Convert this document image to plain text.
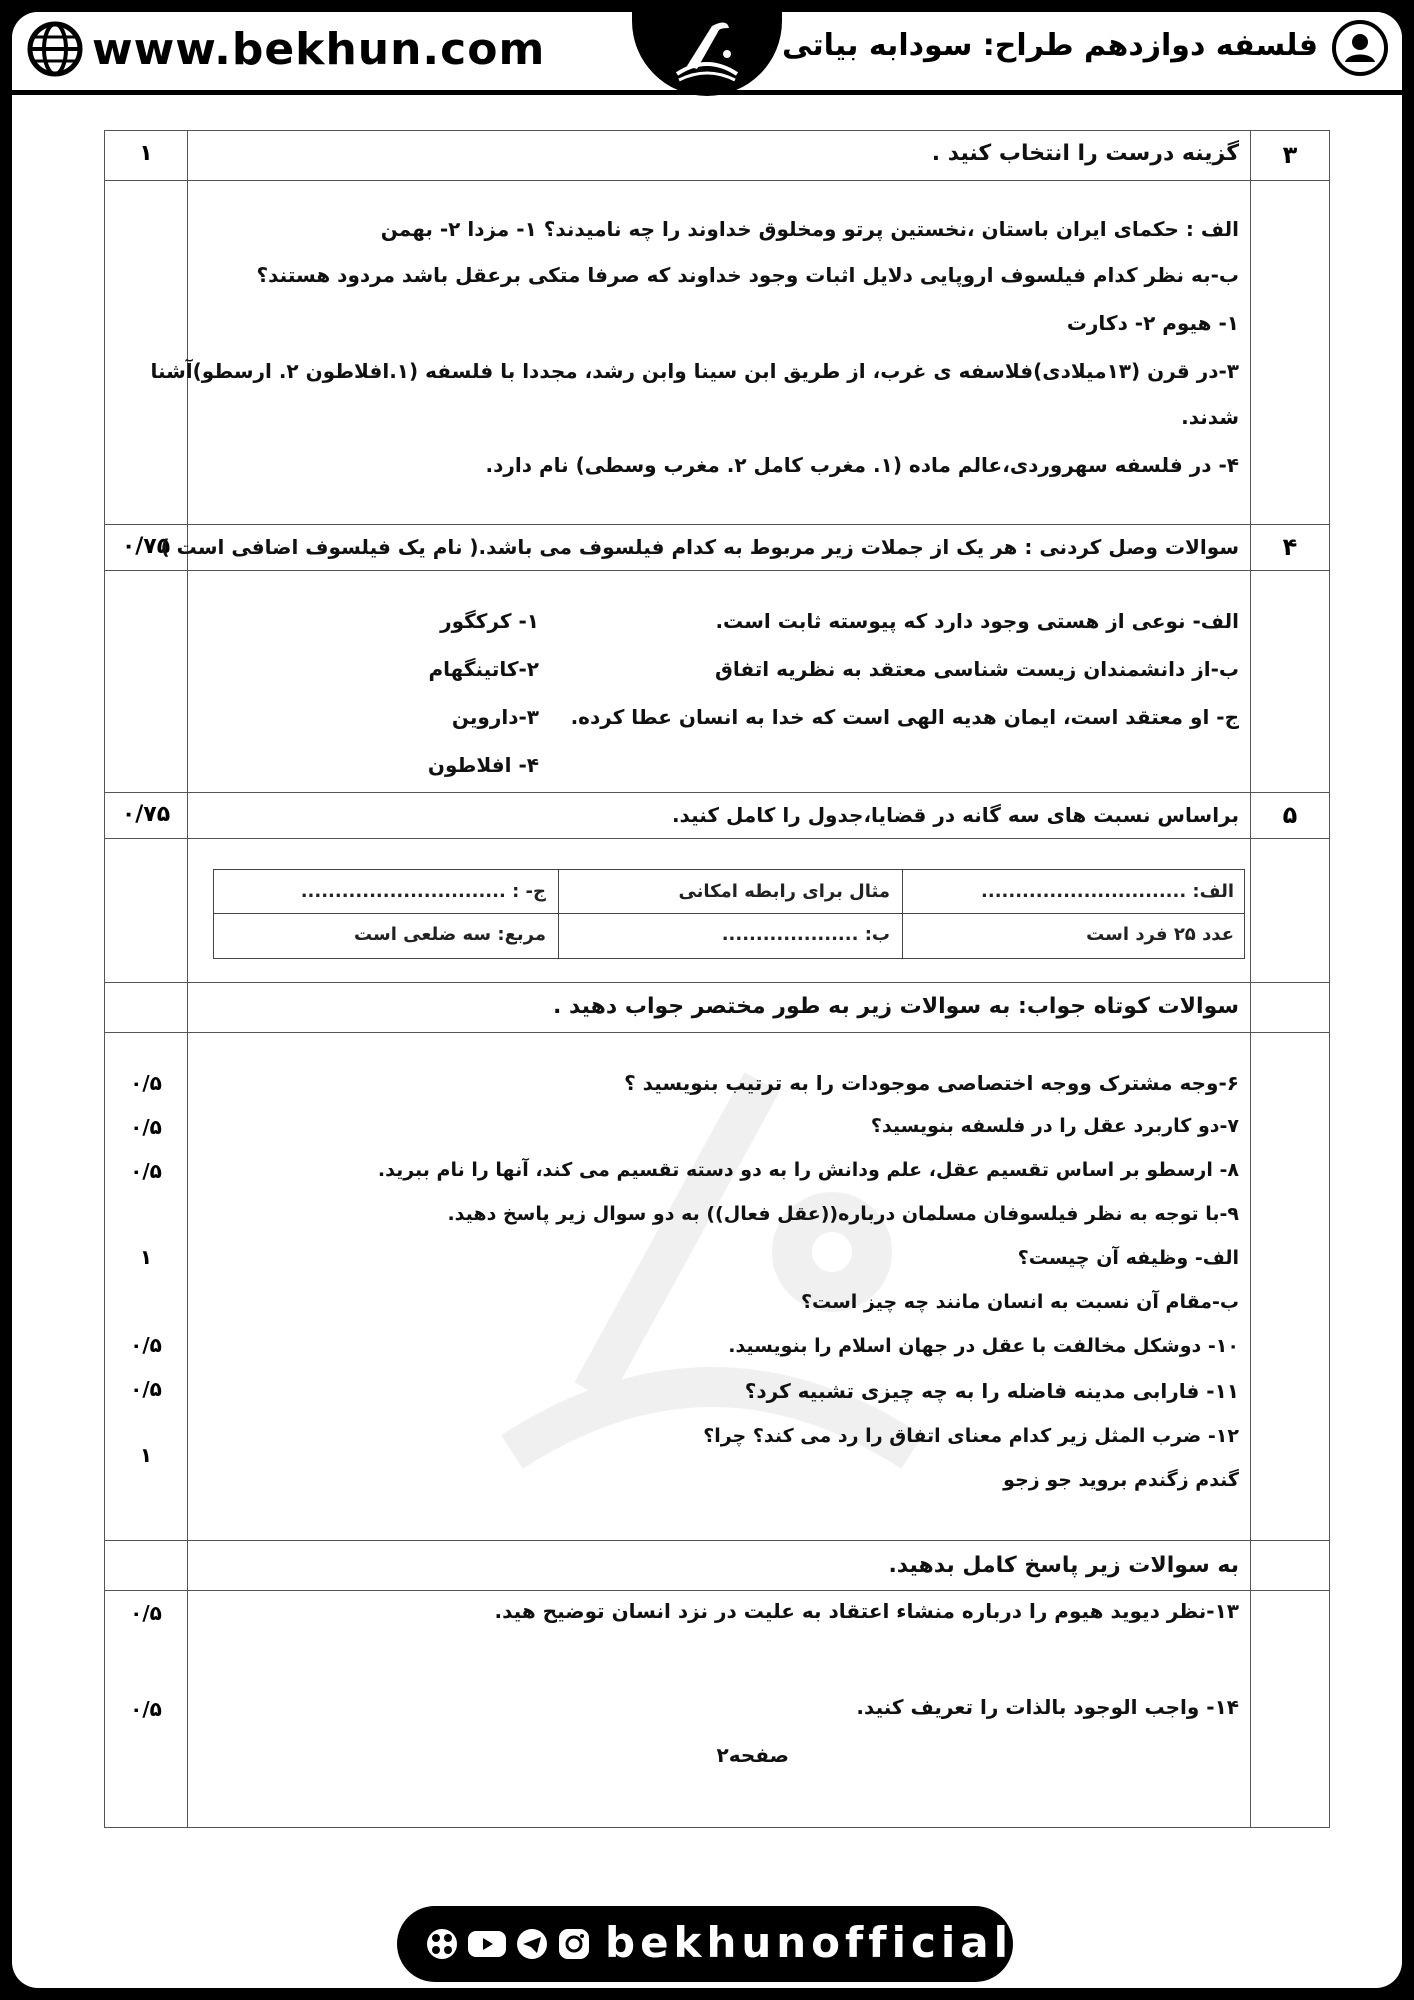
فلسفه دوازدهم طراح: سودابه بیاتی
www.bekhun.com
۳
۱	گزینه درست را انتخاب کنید .
الف : حکمای ایران باستان ،نخستین پرتو ومخلوق خداوند را چه نامیدند؟ ۱- مزدا ۲- بهمن
ب-به نظر کدام فیلسوف اروپایی دلایل اثبات وجود خداوند که صرفا متکی برعقل باشد مردود هستند؟
۱- هیوم ۲- دکارت
۳-در قرن (۱۳میلادی)فلاسفه ی غرب، از طریق ابن سینا وابن رشد، مجددا با فلسفه (۱.افلاطون ۲. ارسطو)آشنا
شدند.
۴- در فلسفه سهروردی،عالم ماده (۱. مغرب کامل ۲. مغرب وسطی) نام دارد.
۴
۰/۷۵
سوالات وصل کردنی : هر یک از جملات زیر مربوط به کدام فیلسوف می باشد.( نام یک فیلسوف اضافی است )
الف- نوعی از هستی وجود دارد که پیوسته ثابت است.
ب-از دانشمندان زیست شناسی معتقد به نظریه اتفاق
ج- او معتقد است، ایمان هدیه الهی است که خدا به انسان عطا کرده.
۱- کرکگور
۲-کاتینگهام
۳-داروین
۴- افلاطون
۵
۰/۷۵	براساس نسبت های سه گانه در قضایا،جدول را کامل کنید.
الف: ..............................
مثال برای رابطه امکانی
ج- : ..............................
عدد ۲۵ فرد است
ب: ....................
مربع: سه ضلعی است
سوالات کوتاه جواب: به سوالات زیر به طور مختصر جواب دهید .
۶-وجه مشترک ووجه اختصاصی موجودات را به ترتیب بنویسید ؟
۷-دو کاربرد عقل را در فلسفه بنویسید؟
۸- ارسطو بر اساس تقسیم عقل، علم ودانش را به دو دسته تقسیم می کند، آنها را نام ببرید.
۹-با توجه به نظر فیلسوفان مسلمان درباره((عقل فعال)) به دو سوال زیر پاسخ دهید.
الف- وظیفه آن چیست؟
ب-مقام آن نسبت به انسان مانند چه چیز است؟
۱۰- دوشکل مخالفت با عقل در جهان اسلام را بنویسید.
۱۱- فارابی مدینه فاضله را به چه چیزی تشبیه کرد؟
۱۲- ضرب المثل زیر کدام معنای اتفاق را رد می کند؟ چرا؟
گندم زگندم بروید جو زجو
۰/۵
۰/۵
۰/۵
۱
۰/۵
۰/۵
۱
به سوالات زیر پاسخ کامل بدهید.
۱۳-نظر دیوید هیوم را درباره منشاء اعتقاد به علیت در نزد انسان توضیح هید.
۰/۵
۱۴- واجب الوجود بالذات را تعریف کنید.
۰/۵
صفحه۲
bekhunofficial
